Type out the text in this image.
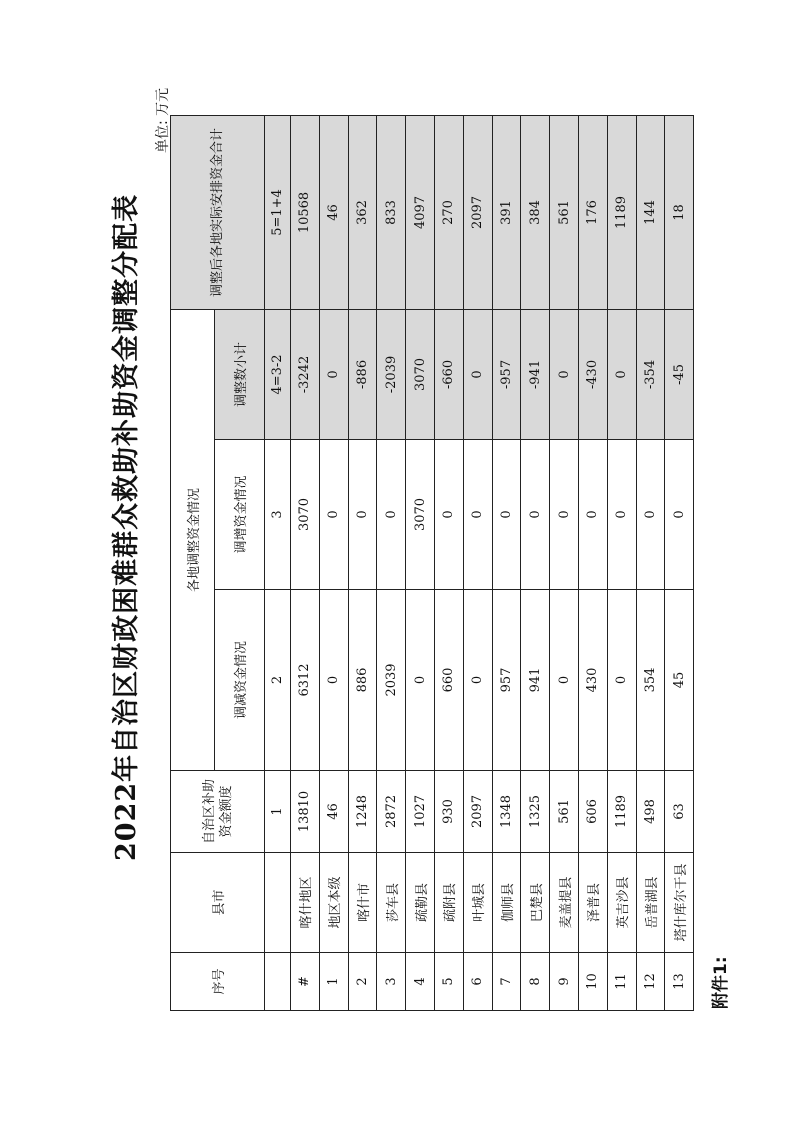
附件1:
2022年自治区财政困难群众救助补助资金调整分配表
单位: 万元
序号	县市	自治区补助资金额度	各地调整资金情况			调整后各地实际安排资金合计
			调减资金情况	调增资金情况	调整数小计	
		1	2	3	4=3-2	5=1+4
#	喀什地区	13810	6312	3070	-3242	10568
1	地区本级	46	0	0	0	46
2	喀什市	1248	886	0	-886	362
3	莎车县	2872	2039	0	-2039	833
4	疏勒县	1027	0	3070	3070	4097
5	疏附县	930	660	0	-660	270
6	叶城县	2097	0	0	0	2097
7	伽师县	1348	957	0	-957	391
8	巴楚县	1325	941	0	-941	384
9	麦盖提县	561	0	0	0	561
10	泽普县	606	430	0	-430	176
11	英吉沙县	1189	0	0	0	1189
12	岳普湖县	498	354	0	-354	144
13	塔什库尔干县	63	45	0	-45	18
